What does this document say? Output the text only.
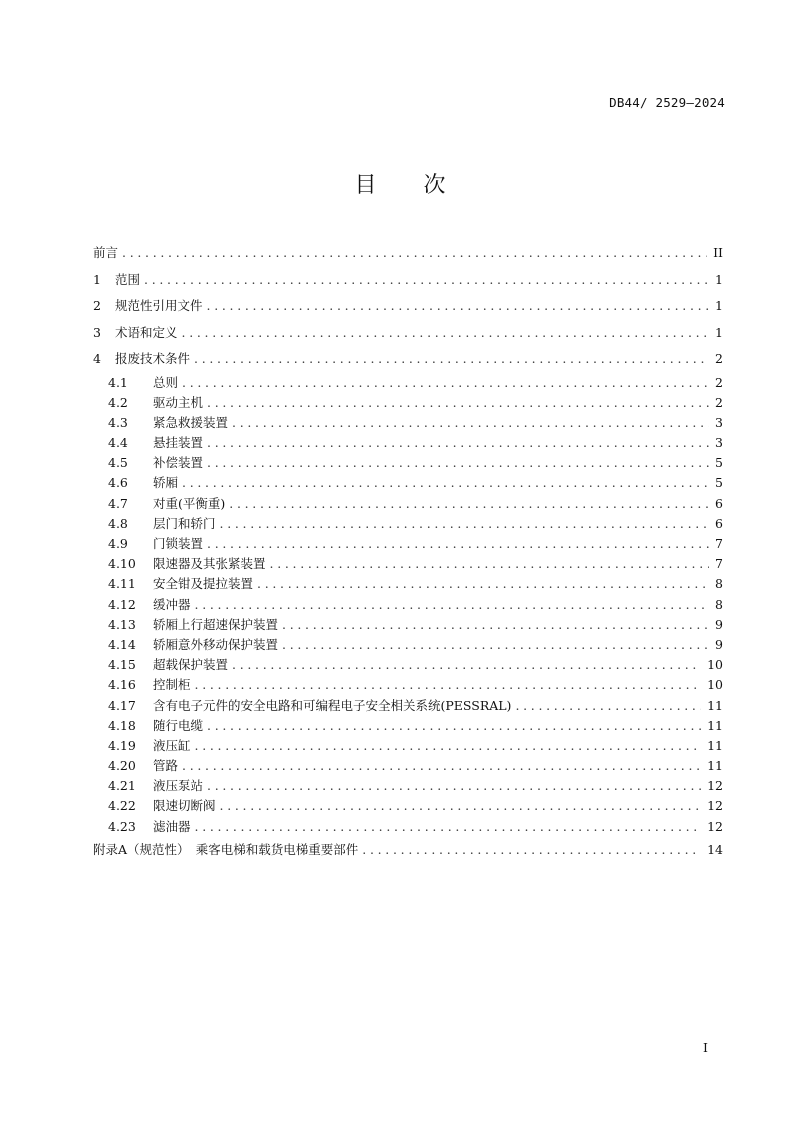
DB44/ 2529—2024
目 次
前言 .....	II
1	范围 .....	1
2	规范性引用文件 .....	1
3	术语和定义 .....	1
4	报废技术条件 .....	2
4.1	总则 .....	2
4.2	驱动主机 .....	2
4.3	紧急救援装置 .....	3
4.4	悬挂装置 .....	3
4.5	补偿装置 .....	5
4.6	轿厢 .....	5
4.7	对重(平衡重) .....	6
4.8	层门和轿门 .....	6
4.9	门锁装置 .....	7
4.10	限速器及其张紧装置 .....	7
4.11	安全钳及提拉装置 .....	8
4.12	缓冲器 .....	8
4.13	轿厢上行超速保护装置 .....	9
4.14	轿厢意外移动保护装置 .....	9
4.15	超载保护装置 .....	10
4.16	控制柜 .....	10
4.17	含有电子元件的安全电路和可编程电子安全相关系统(PESSRAL) .....	11
4.18	随行电缆 .....	11
4.19	液压缸 .....	11
4.20	管路 .....	11
4.21	液压泵站 .....	12
4.22	限速切断阀 .....	12
4.23	滤油器 .....	12
附录A（规范性）　乘客电梯和载货电梯重要部件 .....	14
I
